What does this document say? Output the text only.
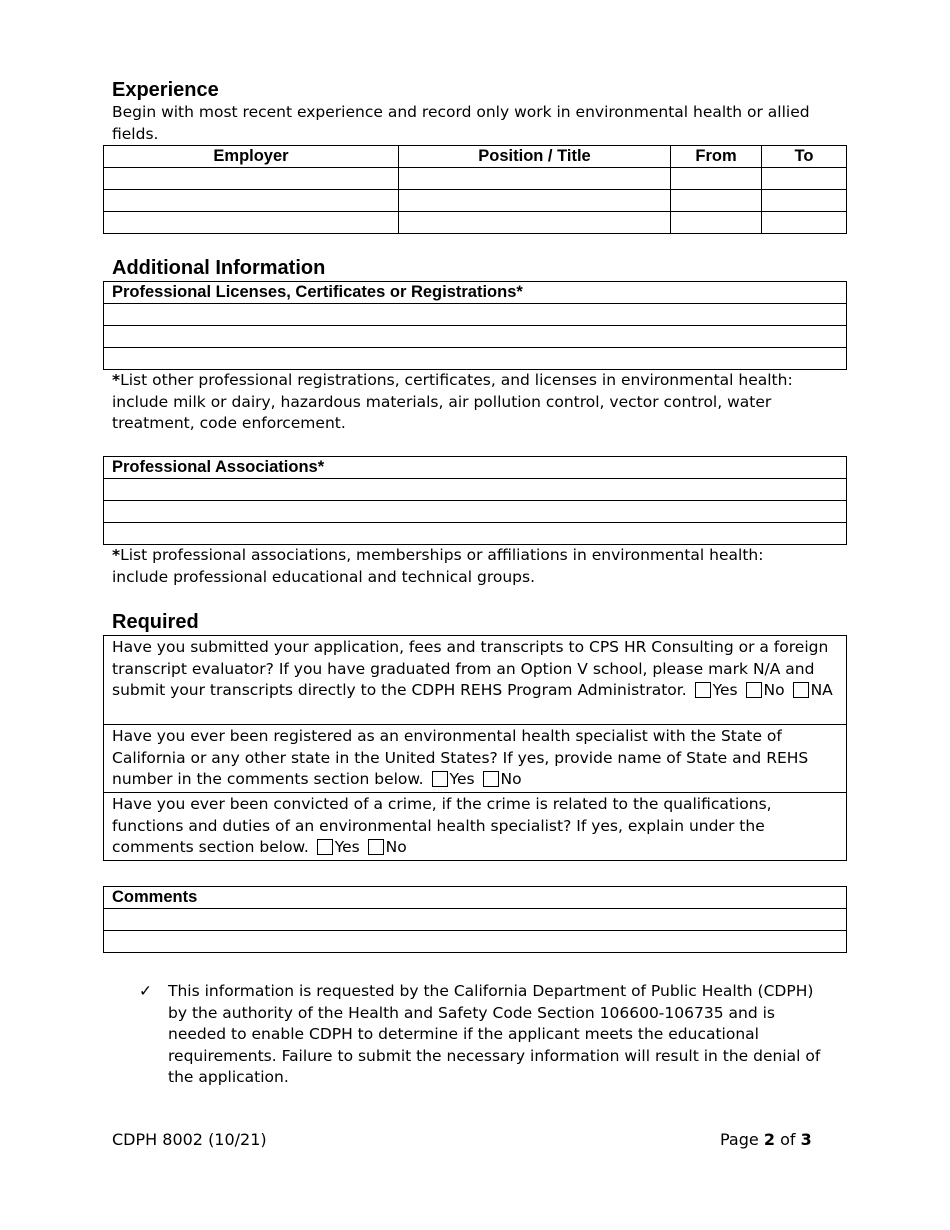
Experience
Begin with most recent experience and record only work in environmental health or allied fields.
Employer	Position / Title	From	To

Additional Information
Professional Licenses, Certificates or Registrations*

*List other professional registrations, certificates, and licenses in environmental health: include milk or dairy, hazardous materials, air pollution control, vector control, water treatment, code enforcement.
Professional Associations*

*List professional associations, memberships or affiliations in environmental health: include professional educational and technical groups.
Required
Have you submitted your application, fees and transcripts to CPS HR Consulting or a foreign transcript evaluator? If you have graduated from an Option V school, please mark N/A and submit your transcripts directly to the CDPH REHS Program Administrator. Yes No NA
Have you ever been registered as an environmental health specialist with the State of California or any other state in the United States? If yes, provide name of State and REHS number in the comments section below. Yes No
Have you ever been convicted of a crime, if the crime is related to the qualifications, functions and duties of an environmental health specialist? If yes, explain under the comments section below. Yes No
Comments

✓	This information is requested by the California Department of Public Health (CDPH) by the authority of the Health and Safety Code Section 106600-106735 and is needed to enable CDPH to determine if the applicant meets the educational requirements. Failure to submit the necessary information will result in the denial of the application.
CDPH 8002 (10/21)	Page 2 of 3
